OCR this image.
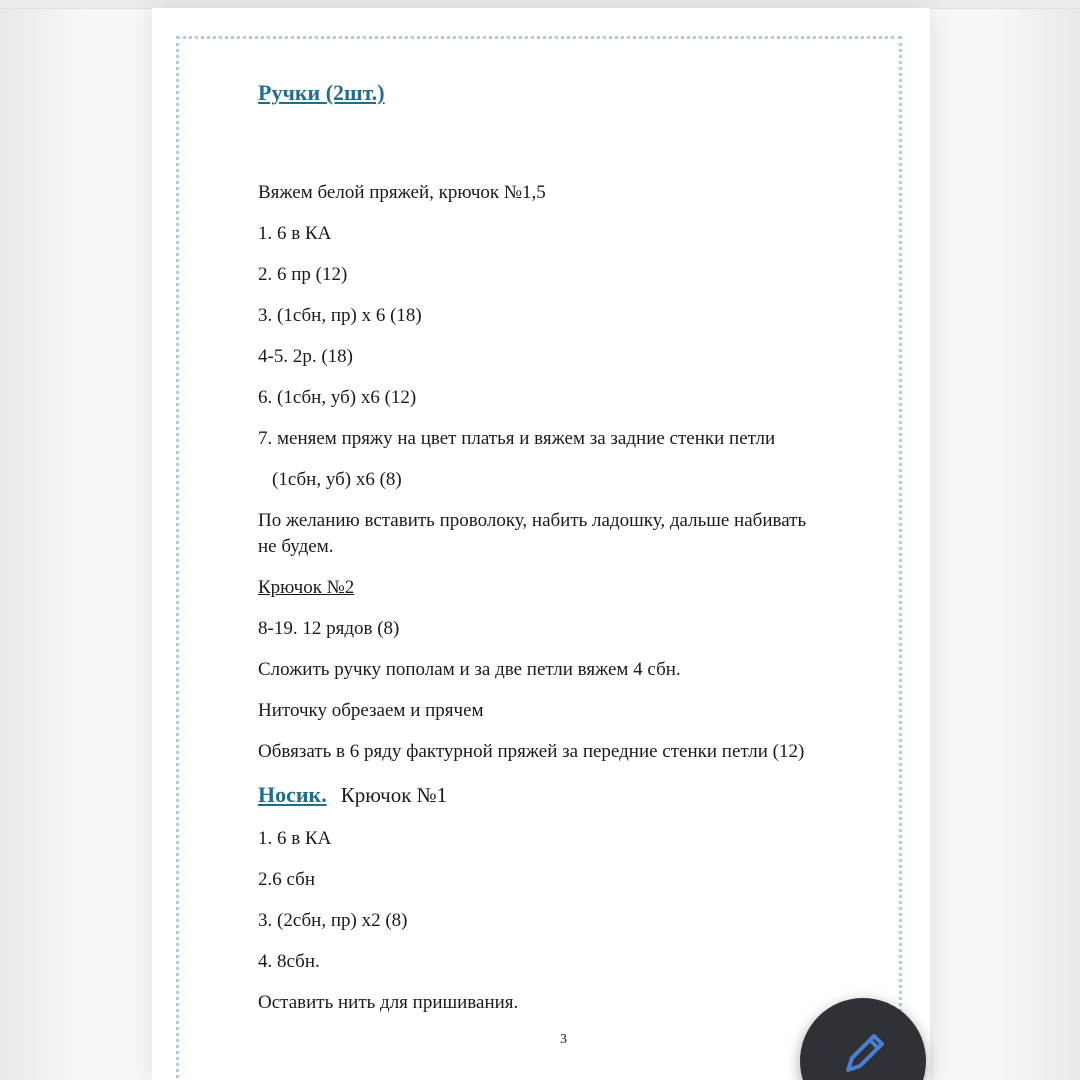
Ручки (2шт.)

Вяжем белой пряжей, крючок №1,5

1. 6 в КА

2. 6 пр (12)

3. (1сбн, пр) х 6 (18)

4-5. 2р. (18)

6. (1сбн, уб) х6 (12)

7. меняем пряжу на цвет платья и вяжем за задние стенки петли

(1сбн, уб) х6 (8)

По желанию вставить проволоку, набить ладошку, дальше набивать

не будем.

Крючок №2

8-19. 12 рядов (8)

Сложить ручку пополам и за две петли вяжем 4 сбн.

Ниточку обрезаем и прячем

Обвязать в 6 ряду фактурной пряжей за передние стенки петли (12)

Носик. Крючок №1

1. 6 в КА

2.6 сбн

3. (2сбн, пр) х2 (8)

4. 8сбн.

Оставить нить для пришивания.

3
